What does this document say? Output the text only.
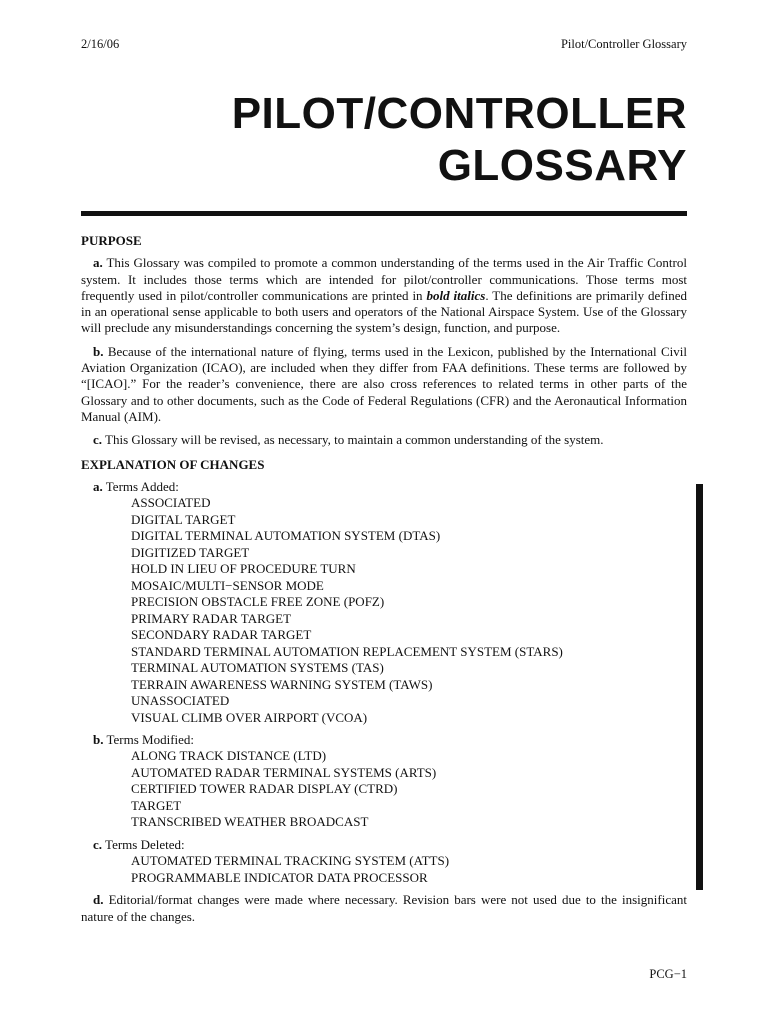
2/16/06	Pilot/Controller Glossary
PILOT/CONTROLLER
GLOSSARY
PURPOSE

a. This Glossary was compiled to promote a common understanding of the terms used in the Air Traffic Control system. It includes those terms which are intended for pilot/controller communications. Those terms most frequently used in pilot/controller communications are printed in bold italics. The definitions are primarily defined in an operational sense applicable to both users and operators of the National Airspace System. Use of the Glossary will preclude any misunderstandings concerning the system’s design, function, and purpose.

b. Because of the international nature of flying, terms used in the Lexicon, published by the International Civil Aviation Organization (ICAO), are included when they differ from FAA definitions. These terms are followed by “[ICAO].” For the reader’s convenience, there are also cross references to related terms in other parts of the Glossary and to other documents, such as the Code of Federal Regulations (CFR) and the Aeronautical Information Manual (AIM).

c. This Glossary will be revised, as necessary, to maintain a common understanding of the system.

EXPLANATION OF CHANGES
a. Terms Added:
ASSOCIATED
DIGITAL TARGET
DIGITAL TERMINAL AUTOMATION SYSTEM (DTAS)
DIGITIZED TARGET
HOLD IN LIEU OF PROCEDURE TURN
MOSAIC/MULTI−SENSOR MODE
PRECISION OBSTACLE FREE ZONE (POFZ)
PRIMARY RADAR TARGET
SECONDARY RADAR TARGET
STANDARD TERMINAL AUTOMATION REPLACEMENT SYSTEM (STARS)
TERMINAL AUTOMATION SYSTEMS (TAS)
TERRAIN AWARENESS WARNING SYSTEM (TAWS)
UNASSOCIATED
VISUAL CLIMB OVER AIRPORT (VCOA)
b. Terms Modified:
ALONG TRACK DISTANCE (LTD)
AUTOMATED RADAR TERMINAL SYSTEMS (ARTS)
CERTIFIED TOWER RADAR DISPLAY (CTRD)
TARGET
TRANSCRIBED WEATHER BROADCAST
c. Terms Deleted:
AUTOMATED TERMINAL TRACKING SYSTEM (ATTS)
PROGRAMMABLE INDICATOR DATA PROCESSOR

d. Editorial/format changes were made where necessary. Revision bars were not used due to the insignificant nature of the changes.

PCG−1
